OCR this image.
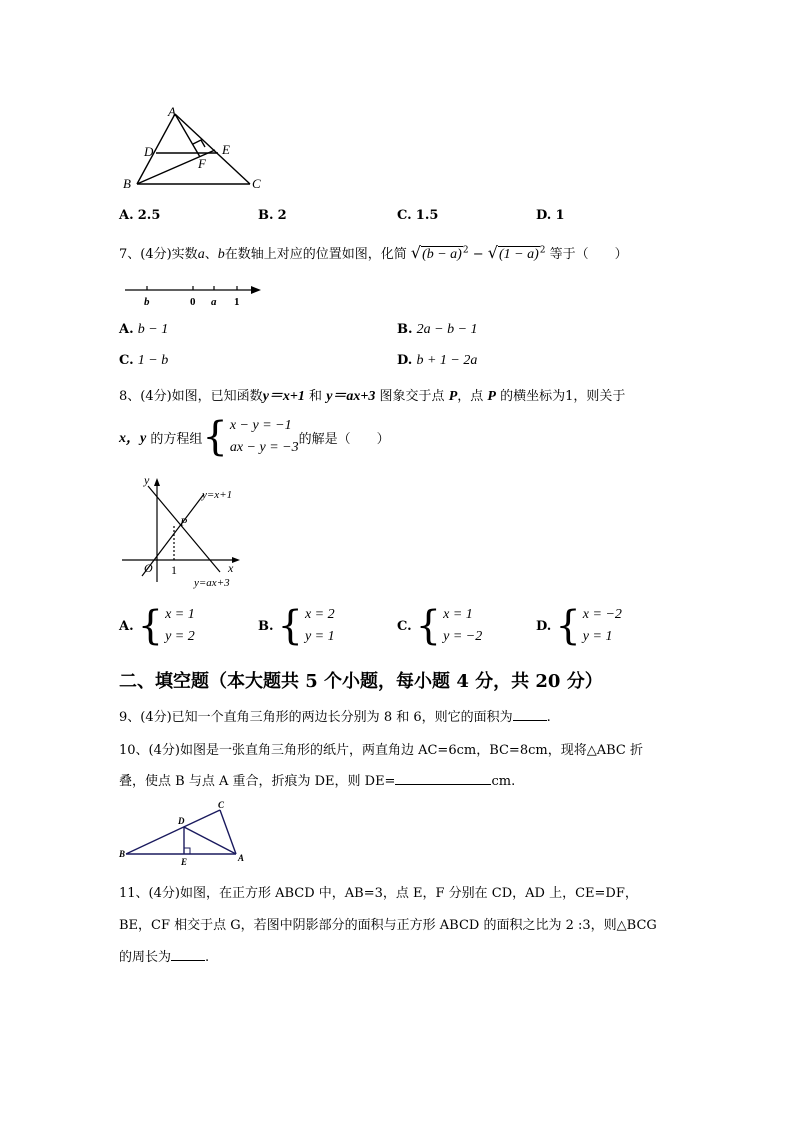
A
D	E
F
B	C
A. 2.5	B. 2	C. 1.5	D. 1
7、(4分)实数a、b在数轴上对应的位置如图，化简 $√(b - a)^2 - √(1 - a)^2$ 等于（　　）
b	0 a 1
A. b − 1	B. 2a − b − 1
C. 1 − b	D. b + 1 − 2a
8、(4分)如图，已知函数y＝x+1 和 y＝ax+3 图象交于点 P，点 P 的横坐标为1，则关于
x，y
的方程组 { x − y = −1
ax − y = −3
的解是（　　）
y
x
O 1
P
y=x+1
y=ax+3
A. { x = 1
y = 2
B. { x = 2
y = 1
C. { x = 1
y = −2
D. { x = −2
y = 1
二、填空题（本大题共 5 个小题，每小题 4 分，共 20 分）
9、(4分)已知一个直角三角形的两边长分别为 8 和 6，则它的面积为	.
10、(4分)如图是一张直角三角形的纸片，两直角边 AC=6cm，BC=8cm，现将△ABC 折
叠，使点 B 与点 A 重合，折痕为 DE，则 DE=	cm.
C
D
B
E	A
11、(4分)如图，在正方形 ABCD 中，AB=3，点 E，F 分别在 CD，AD 上，CE=DF，
BE，CF 相交于点 G，若图中阴影部分的面积与正方形 ABCD 的面积之比为 2 :3，则△BCG
的周长为	.
